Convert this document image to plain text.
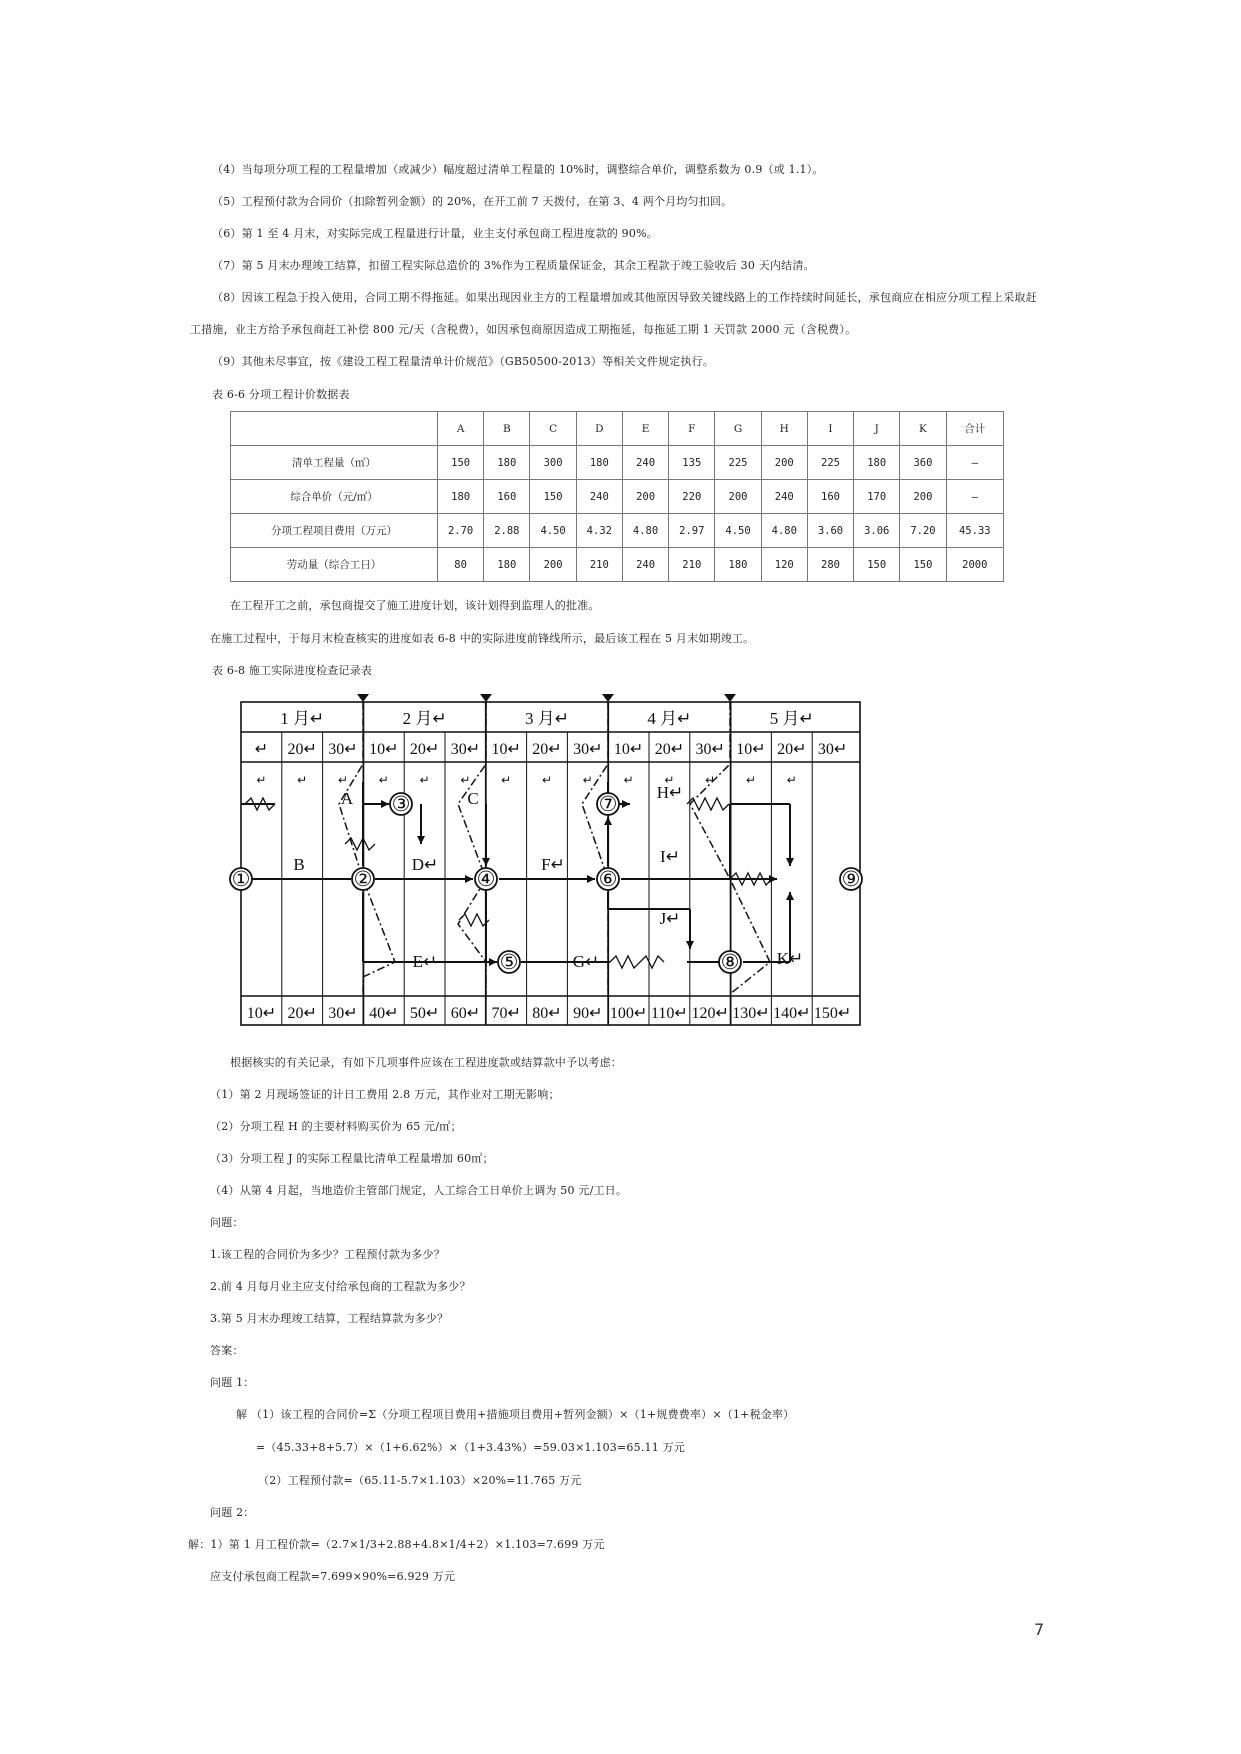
（4）当每项分项工程的工程量增加（或减少）幅度超过清单工程量的 10%时，调整综合单价，调整系数为 0.9（或 1.1）。
（5）工程预付款为合同价（扣除暂列金额）的 20%，在开工前 7 天拨付，在第 3、4 两个月均匀扣回。
（6）第 1 至 4 月末，对实际完成工程量进行计量，业主支付承包商工程进度款的 90%。
（7）第 5 月末办理竣工结算，扣留工程实际总造价的 3%作为工程质量保证金，其余工程款于竣工验收后 30 天内结清。
（8）因该工程急于投入使用，合同工期不得拖延。如果出现因业主方的工程量增加或其他原因导致关键线路上的工作持续时间延长，承包商应在相应分项工程上采取赶
工措施，业主方给予承包商赶工补偿 800 元/天（含税费），如因承包商原因造成工期拖延，每拖延工期 1 天罚款 2000 元（含税费）。
（9）其他未尽事宜，按《建设工程工程量清单计价规范》（GB50500-2013）等相关文件规定执行。
表 6-6 分项工程计价数据表
	A	B	C	D	E	F	G	H	I	J	K	合计
清单工程量（㎡）	150	180	300	180	240	135	225	200	225	180	360	—
综合单价（元/㎡）	180	160	150	240	200	220	200	240	160	170	200	—
分项工程项目费用（万元）	2.70	2.88	4.50	4.32	4.80	2.97	4.50	4.80	3.60	3.06	7.20	45.33
劳动量（综合工日）	80	180	200	210	240	210	180	120	280	150	150	2000
在工程开工之前，承包商提交了施工进度计划，该计划得到监理人的批准。
在施工过程中，于每月末检查核实的进度如表 6-8 中的实际进度前锋线所示，最后该工程在 5 月末如期竣工。
表 6-8 施工实际进度检查记录表
1 月↵	2 月↵	3 月↵	4 月↵	5 月↵
↵ 20↵ 30↵ 10↵ 20↵ 30↵ 10↵ 20↵ 30↵ 10↵ 20↵ 30↵ 10↵ 20↵ 30↵
10↵ 20↵ 30↵ 40↵ 50↵ 60↵ 70↵ 80↵ 90↵ 100↵ 110↵ 120↵ 130↵ 140↵ 150↵
↵	↵	↵	↵	↵	↵	↵	↵	↵	↵	↵	↵	↵	↵
A
B
C
D↵
E↵
F↵
G↵
H↵
I↵
J↵
K↵
①	②
③
④
⑤
⑥
⑦
⑧
⑨
根据核实的有关记录，有如下几项事件应该在工程进度款或结算款中予以考虑：
（1）第 2 月现场签证的计日工费用 2.8 万元，其作业对工期无影响；
（2）分项工程 H 的主要材料购买价为 65 元/㎡；
（3）分项工程 J 的实际工程量比清单工程量增加 60㎡；
（4）从第 4 月起，当地造价主管部门规定，人工综合工日单价上调为 50 元/工日。
问题：
1.该工程的合同价为多少？工程预付款为多少？
2.前 4 月每月业主应支付给承包商的工程款为多少？
3.第 5 月末办理竣工结算，工程结算款为多少？
答案：
问题 1：
解 （1）该工程的合同价=Σ（分项工程项目费用+措施项目费用+暂列金额）×（1+规费费率）×（1+税金率）
=（45.33+8+5.7）×（1+6.62%）×（1+3.43%）=59.03×1.103=65.11 万元
（2）工程预付款=（65.11-5.7×1.103）×20%=11.765 万元
问题 2：
解：1）第 1 月工程价款=（2.7×1/3+2.88+4.8×1/4+2）×1.103=7.699 万元
应支付承包商工程款=7.699×90%=6.929 万元
7
